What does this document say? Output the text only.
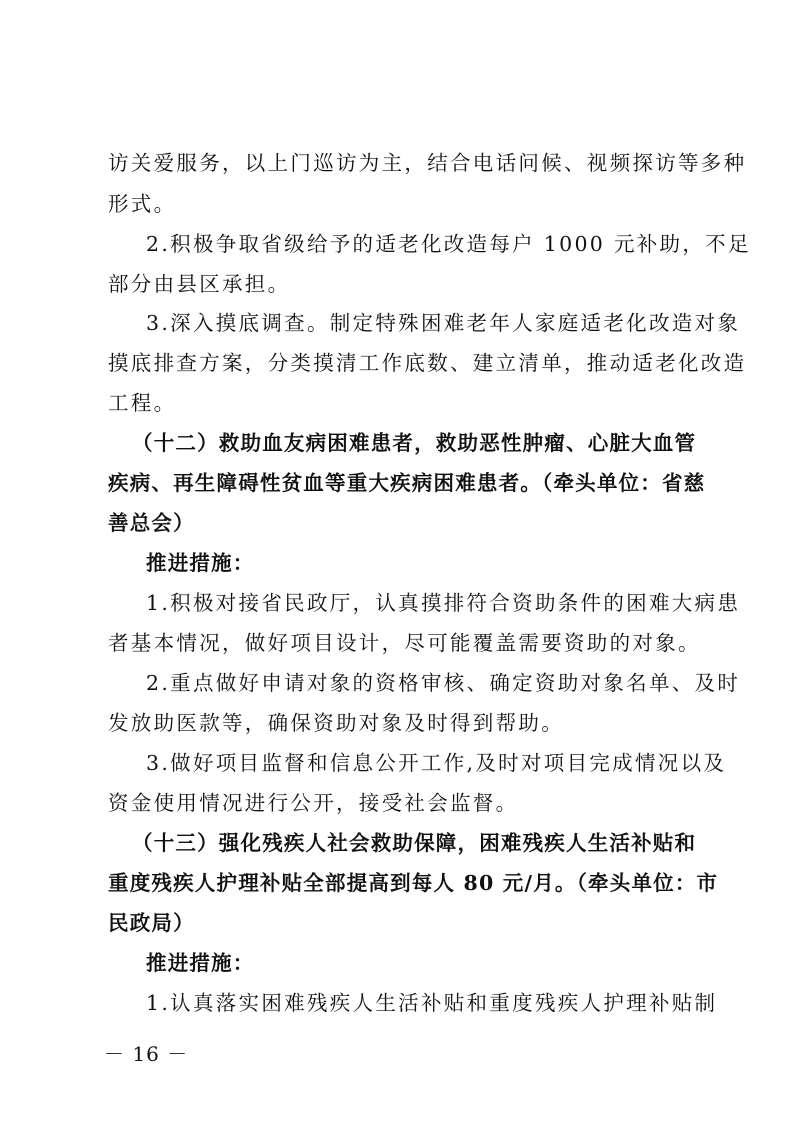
访关爱服务，以上门巡访为主，结合电话问候、视频探访等多种
形式。
2.积极争取省级给予的适老化改造每户 1000 元补助，不足
部分由县区承担。
3.深入摸底调查。制定特殊困难老年人家庭适老化改造对象
摸底排查方案，分类摸清工作底数、建立清单，推动适老化改造
工程。
（十二）救助血友病困难患者，救助恶性肿瘤、心脏大血管
疾病、再生障碍性贫血等重大疾病困难患者。（牵头单位：省慈
善总会）
推进措施：
1.积极对接省民政厅，认真摸排符合资助条件的困难大病患
者基本情况，做好项目设计，尽可能覆盖需要资助的对象。
2.重点做好申请对象的资格审核、确定资助对象名单、及时
发放助医款等，确保资助对象及时得到帮助。
3.做好项目监督和信息公开工作,及时对项目完成情况以及
资金使用情况进行公开，接受社会监督。
（十三）强化残疾人社会救助保障，困难残疾人生活补贴和
重度残疾人护理补贴全部提高到每人 80 元/月。（牵头单位：市
民政局）
推进措施：
1.认真落实困难残疾人生活补贴和重度残疾人护理补贴制
－ 16 －
